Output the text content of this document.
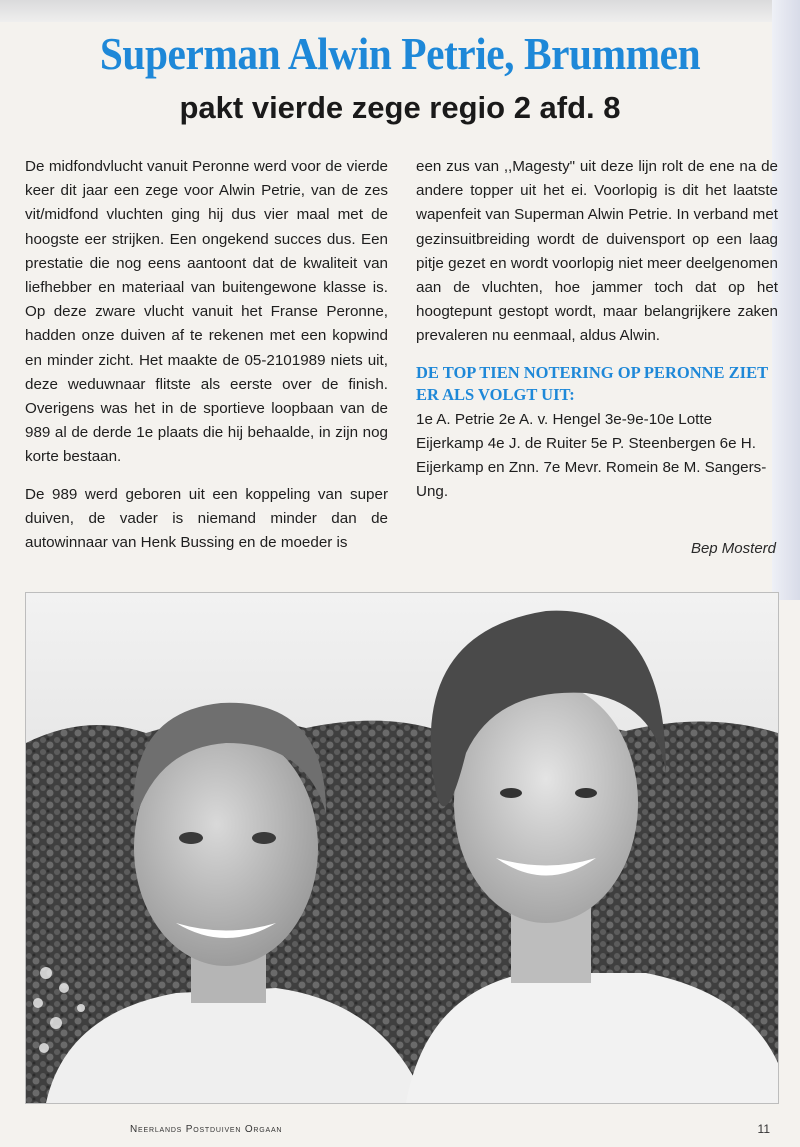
Superman Alwin Petrie, Brummen
pakt vierde zege regio 2 afd. 8

De midfondvlucht vanuit Peronne werd voor de vierde keer dit jaar een zege voor Alwin Petrie, van de zes vit/midfond vluchten ging hij dus vier maal met de hoogste eer strijken. Een ongekend succes dus. Een prestatie die nog eens aantoont dat de kwaliteit van liefhebber en materiaal van buitengewone klasse is. Op deze zware vlucht vanuit het Franse Peronne, hadden onze duiven af te rekenen met een kopwind en minder zicht. Het maakte de 05-2101989 niets uit, deze weduwnaar flitste als eerste over de finish. Overigens was het in de sportieve loopbaan van de 989 al de derde 1e plaats die hij behaalde, in zijn nog korte bestaan.

De 989 werd geboren uit een koppeling van super duiven, de vader is niemand minder dan de autowinnaar van Henk Bussing en de moeder is

een zus van ,,Magesty" uit deze lijn rolt de ene na de andere topper uit het ei. Voorlopig is dit het laatste wapenfeit van Superman Alwin Petrie. In verband met gezinsuitbreiding wordt de duivensport op een laag pitje gezet en wordt voorlopig niet meer deelgenomen aan de vluchten, hoe jammer toch dat op het hoogtepunt gestopt wordt, maar belangrijkere zaken prevaleren nu eenmaal, aldus Alwin.

DE TOP TIEN NOTERING OP PERONNE ZIET ER ALS VOLGT UIT:
1e A. Petrie 2e A. v. Hengel 3e-9e-10e Lotte Eijerkamp 4e J. de Ruiter 5e P. Steenbergen 6e H. Eijerkamp en Znn. 7e Mevr. Romein 8e M. Sangers-Ung.
Bep Mosterd
Neerlands Postduiven Orgaan	11
